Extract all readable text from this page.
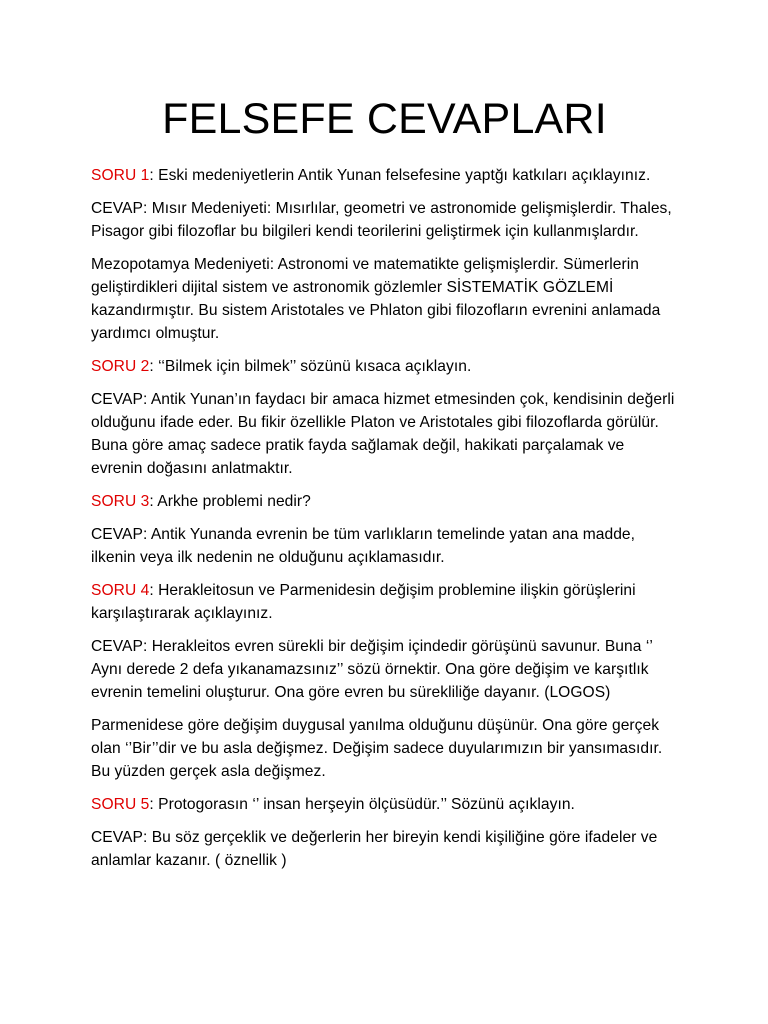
FELSEFE CEVAPLARI

SORU 1: Eski medeniyetlerin Antik Yunan felsefesine yaptğı katkıları açıklayınız.

CEVAP: Mısır Medeniyeti: Mısırlılar, geometri ve astronomide gelişmişlerdir. Thales, Pisagor gibi filozoflar bu bilgileri kendi teorilerini geliştirmek için kullanmışlardır.

Mezopotamya Medeniyeti: Astronomi ve matematikte gelişmişlerdir. Sümerlerin geliştirdikleri dijital sistem ve astronomik gözlemler SİSTEMATİK GÖZLEMİ kazandırmıştır. Bu sistem Aristotales ve Phlaton gibi filozofların evrenini anlamada yardımcı olmuştur.

SORU 2: ‘‘Bilmek için bilmek’’ sözünü kısaca açıklayın.

CEVAP: Antik Yunan’ın faydacı bir amaca hizmet etmesinden çok, kendisinin değerli olduğunu ifade eder. Bu fikir özellikle Platon ve Aristotales gibi filozoflarda görülür. Buna göre amaç sadece pratik fayda sağlamak değil, hakikati parçalamak ve evrenin doğasını anlatmaktır.

SORU 3: Arkhe problemi nedir?

CEVAP: Antik Yunanda evrenin be tüm varlıkların temelinde yatan ana madde, ilkenin veya ilk nedenin ne olduğunu açıklamasıdır.

SORU 4: Herakleitosun ve Parmenidesin değişim problemine ilişkin görüşlerini karşılaştırarak açıklayınız.

CEVAP: Herakleitos evren sürekli bir değişim içindedir görüşünü savunur. Buna ‘’ Aynı derede 2 defa yıkanamazsınız’’ sözü örnektir. Ona göre değişim ve karşıtlık evrenin temelini oluşturur. Ona göre evren bu sürekliliğe dayanır. (LOGOS)

Parmenidese göre değişim duygusal yanılma olduğunu düşünür. Ona göre gerçek olan ‘’Bir’’dir ve bu asla değişmez. Değişim sadece duyularımızın bir yansımasıdır. Bu yüzden gerçek asla değişmez.

SORU 5: Protogorasın ‘’ insan herşeyin ölçüsüdür.’’ Sözünü açıklayın.

CEVAP: Bu söz gerçeklik ve değerlerin her bireyin kendi kişiliğine göre ifadeler ve anlamlar kazanır. ( öznellik )
